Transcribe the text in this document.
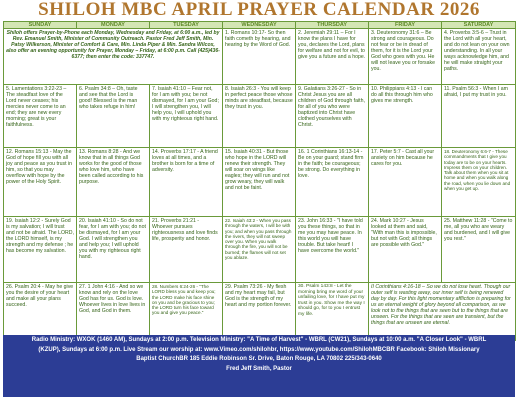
SHILOH MBC APRIL PRAYER CALENDAR 2026
SUNDAY	MONDAY	TUESDAY	WEDNESDAY	THURSDAY	FRIDAY	SATURDAY

Shiloh offers Prayer-by-Phone each Monday, Wednesday and Friday, at 6:00 a.m., led by Rev. Emanuel Smith, Minister of Community Outreach. Pastor Fred Jeff Smith, Min. Patsy Wilkerson, Minister of Comfort & Care, Min. Linda Piper & Min. Sandra Wilcox, also offer an evening opportunity for Prayer, Monday – Friday, at 6:00 p.m. Call (425)436-6377; then enter the code: 337747.			1. Romans 10:17- So then faith cometh by hearing, and hearing by the Word of God.	2. Jeremiah 29:11 – For I know the plans I have for you, declares the Lord, plans for welfare and not for evil, to give you a future and a hope.	3. Deuteronomy 31:6 – Be strong and courageous. Do not fear or be in dread of them, for it is the Lord your God who goes with you. He will not leave you or forsake you.	4. Proverbs 3:5-6 – Trust in the Lord with all your heart, and do not lean on your own understanding. In all your ways acknowledge him, and he will make straight your paths.

5. Lamentations 3:22-23 – The steadfast love of the Lord never ceases; his mercies never come to an end; they are new every morning; great is your faithfulness.	6. Psalm 34:8 – Oh, taste and see that the Lord is good! Blessed is the man who takes refuge in him!	7. Isaiah 41:10 – Fear not, for I am with you; be not dismayed, for I am your God; I will strengthen you, I will help you, I will uphold you with my righteous right hand.	8. Isaiah 26:3 - You will keep in perfect peace those whose minds are steadfast, because they trust in you.	9. Galatians 3:26-27 - So in Christ Jesus you are all children of God through faith, for all of you who were baptized into Christ have clothed yourselves with Christ.	10. Philippians 4:13 - I can do all this through him who gives me strength.	11. Psalm 56:3 - When I am afraid, I put my trust in you.

12. Romans 15:13 - May the God of hope fill you with all joy and peace as you trust in him, so that you may overflow with hope by the power of the Holy Spirit.	13. Romans 8:28 - And we know that in all things God works for the good of those who love him, who have been called according to his purpose.	14. Proverbs 17:17 - A friend loves at all times, and a brother is born for a time of adversity.	15. Isaiah 40:31 - But those who hope in the LORD will renew their strength. They will soar on wings like eagles; they will run and not grow weary, they will walk and not be faint.	16. 1 Corinthians 16:13-14 - Be on your guard; stand firm in the faith; be courageous; be strong. Do everything in love.	17. Peter 5:7 - Cast all your anxiety on him because he cares for you.	18. Deuteronomy 6:6-7 - These commandments that I give you today are to be on your hearts. Impress them on your children. Talk about them when you sit at home and when you walk along the road, when you lie down and when you get up.

19. Isaiah 12:2 - Surely God is my salvation; I will trust and not be afraid. The LORD, the LORD himself, is my strength and my defense ; he has become my salvation.	20. Isaiah 41:10 - So do not fear, for I am with you; do not be dismayed, for I am your God. I will strengthen you and help you; I will uphold you with my righteous right hand.	21. Proverbs 21:21 - Whoever pursues righteousness and love finds life, prosperity and honor.	22. Isaiah 43:2 - When you pass through the waters, I will be with you; and when you pass through the rivers, they will not sweep over you. When you walk through the fire, you will not be burned; the flames will not set you ablaze.	23. John 16:33 - "I have told you these things, so that in me you may have peace. In this world you will have trouble. But take heart! I have overcome the world."	24. Mark 10:27 - Jesus looked at them and said, "With man this is impossible, but not with God; all things are possible with God."	25. Matthew 11:28 - "Come to me, all you who are weary and burdened, and I will give you rest."

26. Psalm 20:4 - May he give you the desire of your heart and make all your plans succeed.	27. 1 John 4:16 - And so we know and rely on the love God has for us. God is love. Whoever lives in love lives in God, and God in them.	28. Numbers 6:24-26 - "The LORD bless you and keep you; the LORD make his face shine on you and be gracious to you; the LORD turn his face toward you and give you peace."	29. Psalm 73:26 - My flesh and my heart may fail, but God is the strength of my heart and my portion forever.	30. Psalm 143:8 - Let the morning bring me word of your unfailing love, for I have put my trust in you. Show me the way I should go, for to you I entrust my life.	II Corinthians 4:16-18 – So we do not lose heart. Though our outer self is wasting away, our inner self is being renewed day by day. For this light momentary affliction is preparing for us an eternal weight of glory beyond all comparison, as we look not to the things that are seen but to the things that are unseen. For the things that are seen are transient, but the things that are unseen are eternal.	
Radio Ministry: WXOK (1460 AM), Sundays at 2:00 p.m. Television Ministry: "A Time of Harvest" - WBRL (CW21), Sundays at 10:00 a.m. "A Closer Look" - WBRL
(KZUP), Sundays at 6:00 p.m. Live Stream our worship at: www.Vimeo.com/shilohbr, https://www.youtube.com/ShilohMBCBR Facebook: Shiloh Missionary
Baptist ChurchBR 185 Eddie Robinson Sr. Drive, Baton Rouge, LA 70802 225/343-0640
Fred Jeff Smith, Pastor
